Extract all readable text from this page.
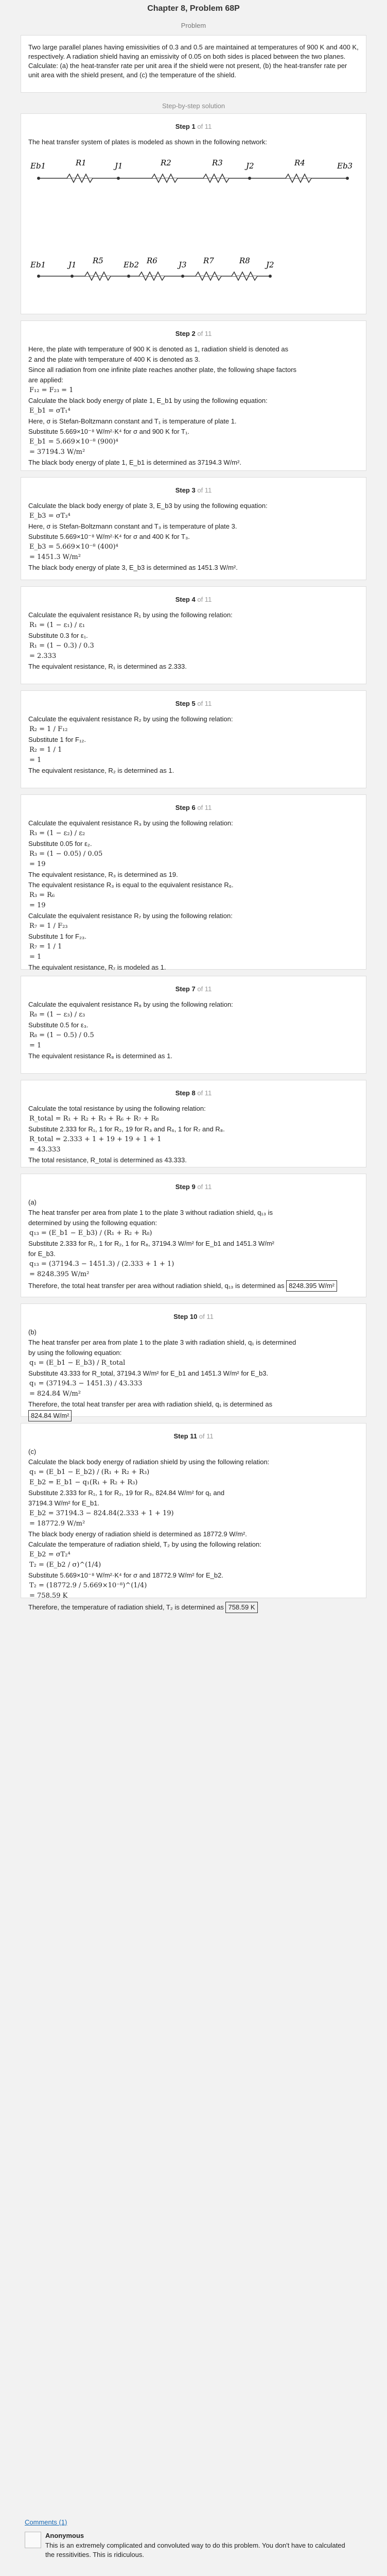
Chapter 8, Problem 68P
Problem
Two large parallel planes having emissivities of 0.3 and 0.5 are maintained at temperatures of 900 K and 400 K, respectively. A radiation shield having an emissivity of 0.05 on both sides is placed between the two planes. Calculate: (a) the heat-transfer rate per unit area if the shield were not present, (b) the heat-transfer rate per unit area with the shield present, and (c) the temperature of the shield.
Step-by-step solution
Step 1 of 11
The heat transfer system of plates is modeled as shown in the following network:
Eb1	J1	J2	Eb3
R1	R2	R3	R4
Eb1	J1	Eb2	J3	J2
R5	R6	R7	R8
Step 2 of 11
Here, the plate with temperature of 900 K is denoted as 1, radiation shield is denoted as
2 and the plate with temperature of 400 K is denoted as 3.
Since all radiation from one infinite plate reaches another plate, the following shape factors
are applied:
F₁₂ = F₂₃ = 1
Calculate the black body energy of plate 1, E_b1 by using the following equation:
E_b1 = σT₁⁴
Here, σ is Stefan-Boltzmann constant and T₁ is temperature of plate 1.
Substitute 5.669×10⁻⁸ W/m²·K⁴ for σ and 900 K for T₁.
E_b1 = 5.669×10⁻⁸ (900)⁴
= 37194.3 W/m²
The black body energy of plate 1, E_b1 is determined as 37194.3 W/m².
Step 3 of 11
Calculate the black body energy of plate 3, E_b3 by using the following equation:
E_b3 = σT₃⁴
Here, σ is Stefan-Boltzmann constant and T₃ is temperature of plate 3.
Substitute 5.669×10⁻⁸ W/m²·K⁴ for σ and 400 K for T₃.
E_b3 = 5.669×10⁻⁸ (400)⁴
= 1451.3 W/m²
The black body energy of plate 3, E_b3 is determined as 1451.3 W/m².
Step 4 of 11
Calculate the equivalent resistance R₁ by using the following relation:
R₁ = (1 − ε₁) / ε₁
Substitute 0.3 for ε₁.
R₁ = (1 − 0.3) / 0.3
= 2.333
The equivalent resistance, R₁ is determined as 2.333.
Step 5 of 11
Calculate the equivalent resistance R₂ by using the following relation:
R₂ = 1 / F₁₂
Substitute 1 for F₁₂.
R₂ = 1 / 1
= 1
The equivalent resistance, R₂ is determined as 1.
Step 6 of 11
Calculate the equivalent resistance R₃ by using the following relation:
R₃ = (1 − ε₂) / ε₂
Substitute 0.05 for ε₂.
R₃ = (1 − 0.05) / 0.05
= 19
The equivalent resistance, R₃ is determined as 19.
The equivalent resistance R₃ is equal to the equivalent resistance R₆.
R₃ = R₆
= 19
Calculate the equivalent resistance R₇ by using the following relation:
R₇ = 1 / F₂₃
Substitute 1 for F₂₃.
R₇ = 1 / 1
= 1
The equivalent resistance, R₇ is modeled as 1.
Step 7 of 11
Calculate the equivalent resistance R₈ by using the following relation:
R₈ = (1 − ε₃) / ε₃
Substitute 0.5 for ε₃.
R₈ = (1 − 0.5) / 0.5
= 1
The equivalent resistance R₈ is determined as 1.
Step 8 of 11
Calculate the total resistance by using the following relation:
R_total = R₁ + R₂ + R₃ + R₆ + R₇ + R₈
Substitute 2.333 for R₁, 1 for R₂, 19 for R₃ and R₆, 1 for R₇ and R₈.
R_total = 2.333 + 1 + 19 + 19 + 1 + 1
= 43.333
The total resistance, R_total is determined as 43.333.
Step 9 of 11
(a)
The heat transfer per area from plate 1 to the plate 3 without radiation shield, q₁₃ is
determined by using the following equation:
q₁₃ = (E_b1 − E_b3) / (R₁ + R₂ + R₈)
Substitute 2.333 for R₁, 1 for R₂, 1 for R₈, 37194.3 W/m² for E_b1 and 1451.3 W/m²
for E_b3.
q₁₃ = (37194.3 − 1451.3) / (2.333 + 1 + 1)
= 8248.395 W/m²
Therefore, the total heat transfer per area without radiation shield, q₁₃ is determined as 8248.395 W/m²
Step 10 of 11
(b)
The heat transfer per area from plate 1 to the plate 3 with radiation shield, q₁ is determined
by using the following equation:
q₁ = (E_b1 − E_b3) / R_total
Substitute 43.333 for R_total, 37194.3 W/m² for E_b1 and 1451.3 W/m² for E_b3.
q₁ = (37194.3 − 1451.3) / 43.333
= 824.84 W/m²
Therefore, the total heat transfer per area with radiation shield, q₁ is determined as
824.84 W/m²
Step 11 of 11
(c)
Calculate the black body energy of radiation shield by using the following relation:
q₁ = (E_b1 − E_b2) / (R₁ + R₂ + R₃)
E_b2 = E_b1 − q₁(R₁ + R₂ + R₃)
Substitute 2.333 for R₁, 1 for R₂, 19 for R₃, 824.84 W/m² for q₁ and
37194.3 W/m² for E_b1.
E_b2 = 37194.3 − 824.84(2.333 + 1 + 19)
= 18772.9 W/m²
The black body energy of radiation shield is determined as 18772.9 W/m².
Calculate the temperature of radiation shield, T₂ by using the following relation:
E_b2 = σT₂⁴
T₂ = (E_b2 / σ)^(1/4)
Substitute 5.669×10⁻⁸ W/m²·K⁴ for σ and 18772.9 W/m² for E_b2.
T₂ = (18772.9 / 5.669×10⁻⁸)^(1/4)
= 758.59 K
Therefore, the temperature of radiation shield, T₂ is determined as 758.59 K
Comments (1)
Anonymous
This is an extremely complicated and convoluted way to do this problem. You don't have to calculated the ressitivities. This is ridiculous.
